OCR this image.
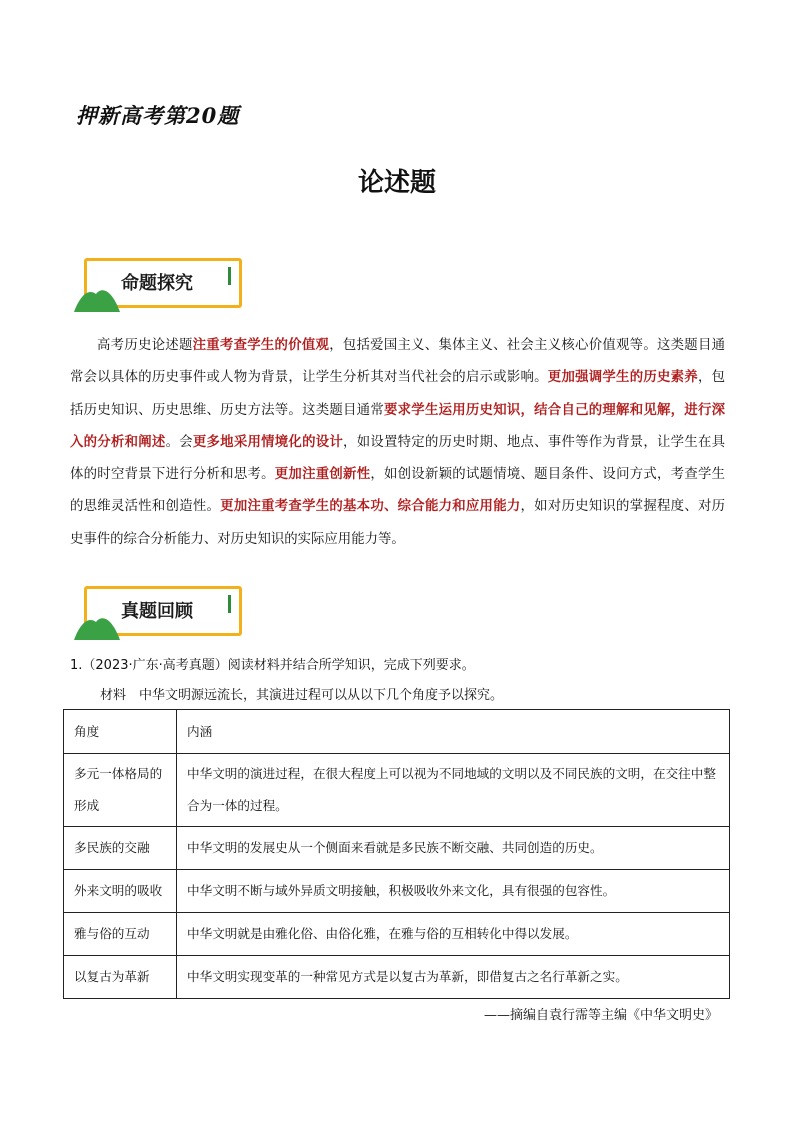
押新高考第20题
论述题
命题探究
高考历史论述题注重考查学生的价值观，包括爱国主义、集体主义、社会主义核心价值观等。这类题目通常会以具体的历史事件或人物为背景，让学生分析其对当代社会的启示或影响。更加强调学生的历史素养，包括历史知识、历史思维、历史方法等。这类题目通常要求学生运用历史知识，结合自己的理解和见解，进行深入的分析和阐述。会更多地采用情境化的设计，如设置特定的历史时期、地点、事件等作为背景，让学生在具体的时空背景下进行分析和思考。更加注重创新性，如创设新颖的试题情境、题目条件、设问方式，考查学生的思维灵活性和创造性。更加注重考查学生的基本功、综合能力和应用能力，如对历史知识的掌握程度、对历史事件的综合分析能力、对历史知识的实际应用能力等。
真题回顾
1.（2023·广东·高考真题）阅读材料并结合所学知识，完成下列要求。
材料　中华文明源远流长，其演进过程可以从以下几个角度予以探究。
角度	内涵
多元一体格局的形成	中华文明的演进过程，在很大程度上可以视为不同地域的文明以及不同民族的文明，在交往中整合为一体的过程。
多民族的交融	中华文明的发展史从一个侧面来看就是多民族不断交融、共同创造的历史。
外来文明的吸收	中华文明不断与域外异质文明接触，积极吸收外来文化，具有很强的包容性。
雅与俗的互动	中华文明就是由雅化俗、由俗化雅，在雅与俗的互相转化中得以发展。
以复古为革新	中华文明实现变革的一种常见方式是以复古为革新，即借复古之名行革新之实。
——摘编自袁行霈等主编《中华文明史》
